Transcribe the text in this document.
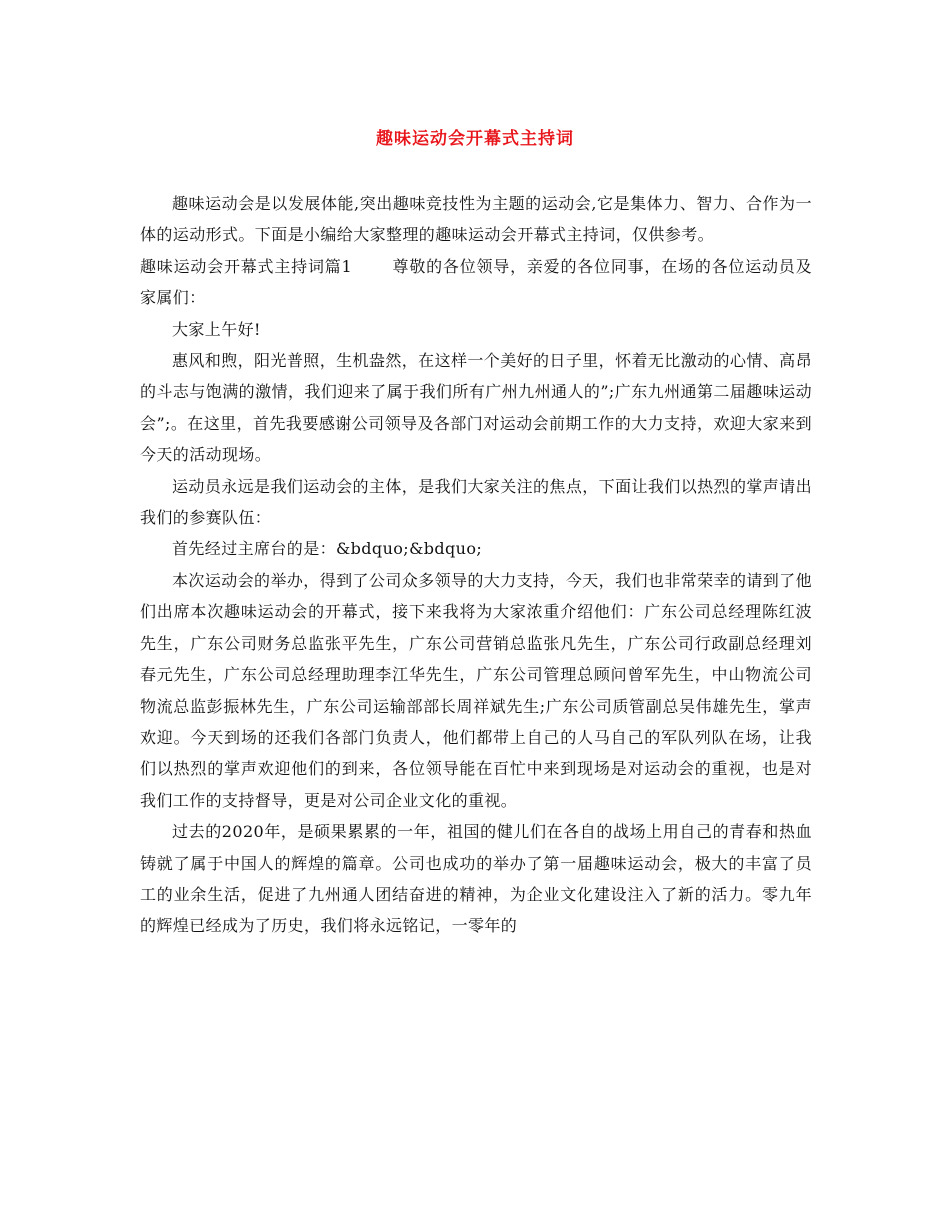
趣味运动会开幕式主持词

趣味运动会是以发展体能,突出趣味竞技性为主题的运动会,它是集体力、智力、合作为一体的运动形式。下面是小编给大家整理的趣味运动会开幕式主持词，仅供参考。

趣味运动会开幕式主持词篇1	尊敬的各位领导，亲爱的各位同事，在场的各位运动员及家属们：

大家上午好!

惠风和煦，阳光普照，生机盎然，在这样一个美好的日子里，怀着无比激动的心情、高昂的斗志与饱满的激情，我们迎来了属于我们所有广州九州通人的”;广东九州通第二届趣味运动会”;。在这里，首先我要感谢公司领导及各部门对运动会前期工作的大力支持，欢迎大家来到今天的活动现场。

运动员永远是我们运动会的主体，是我们大家关注的焦点，下面让我们以热烈的掌声请出我们的参赛队伍：

首先经过主席台的是：&bdquo;&bdquo;

本次运动会的举办，得到了公司众多领导的大力支持，今天，我们也非常荣幸的请到了他们出席本次趣味运动会的开幕式，接下来我将为大家浓重介绍他们：广东公司总经理陈红波先生，广东公司财务总监张平先生，广东公司营销总监张凡先生，广东公司行政副总经理刘春元先生，广东公司总经理助理李江华先生，广东公司管理总顾问曾军先生，中山物流公司物流总监彭振林先生，广东公司运输部部长周祥斌先生;广东公司质管副总吴伟雄先生，掌声欢迎。今天到场的还我们各部门负责人，他们都带上自己的人马自己的军队列队在场，让我们以热烈的掌声欢迎他们的到来，各位领导能在百忙中来到现场是对运动会的重视，也是对我们工作的支持督导，更是对公司企业文化的重视。

过去的2020年，是硕果累累的一年，祖国的健儿们在各自的战场上用自己的青春和热血铸就了属于中国人的辉煌的篇章。公司也成功的举办了第一届趣味运动会，极大的丰富了员工的业余生活，促进了九州通人团结奋进的精神，为企业文化建设注入了新的活力。零九年的辉煌已经成为了历史，我们将永远铭记，一零年的
